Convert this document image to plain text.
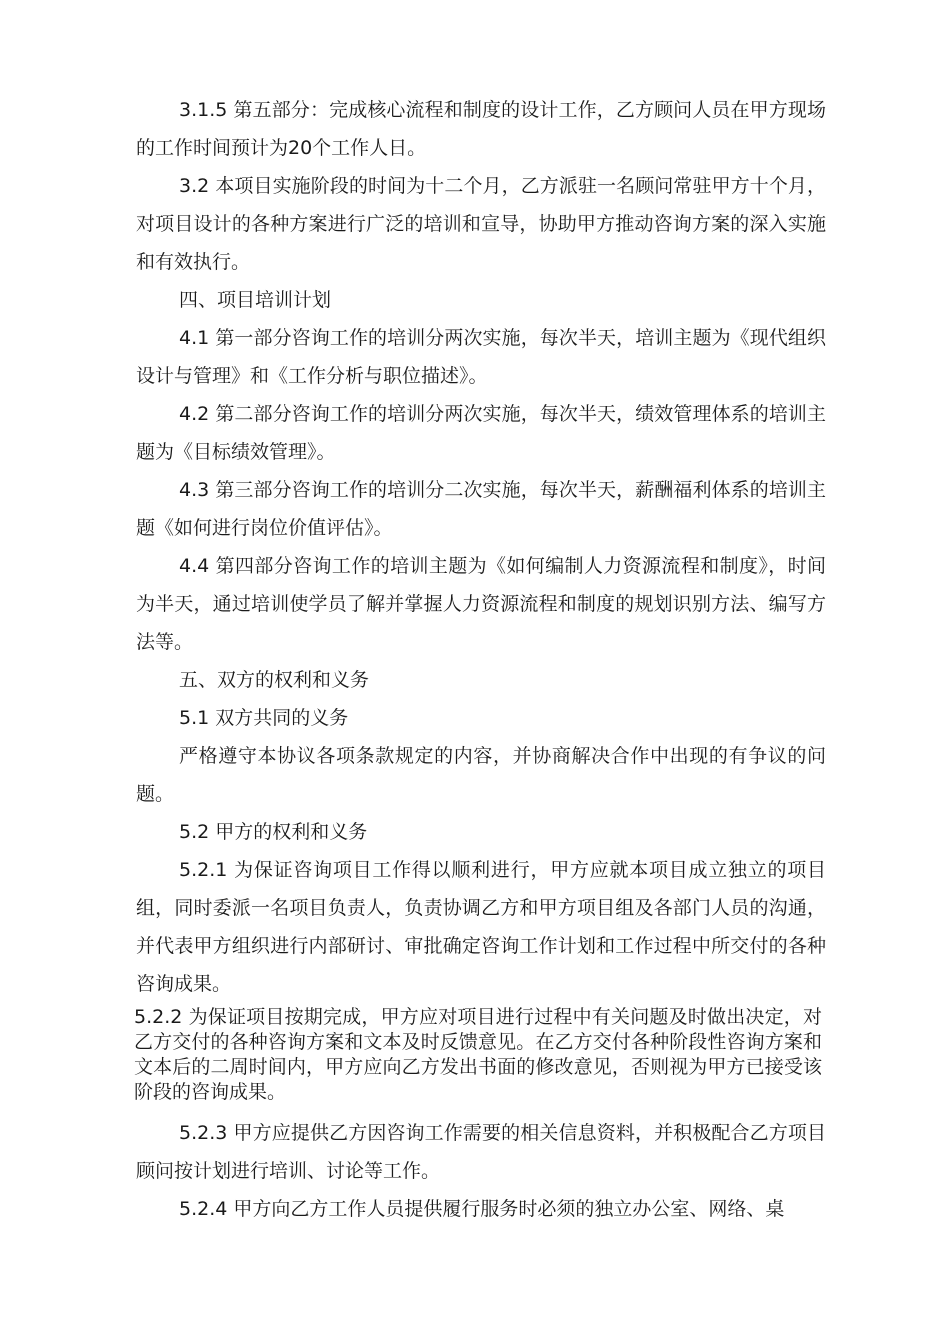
3.1.5 第五部分：完成核心流程和制度的设计工作，乙方顾问人员在甲方现场的工作时间预计为20个工作人日。

3.2 本项目实施阶段的时间为十二个月，乙方派驻一名顾问常驻甲方十个月，对项目设计的各种方案进行广泛的培训和宣导，协助甲方推动咨询方案的深入实施和有效执行。

四、项目培训计划

4.1 第一部分咨询工作的培训分两次实施，每次半天，培训主题为《现代组织设计与管理》和《工作分析与职位描述》。

4.2 第二部分咨询工作的培训分两次实施，每次半天，绩效管理体系的培训主题为《目标绩效管理》。

4.3 第三部分咨询工作的培训分二次实施，每次半天，薪酬福利体系的培训主题《如何进行岗位价值评估》。

4.4 第四部分咨询工作的培训主题为《如何编制人力资源流程和制度》，时间为半天，通过培训使学员了解并掌握人力资源流程和制度的规划识别方法、编写方法等。

五、双方的权利和义务

5.1 双方共同的义务

严格遵守本协议各项条款规定的内容，并协商解决合作中出现的有争议的问题。

5.2 甲方的权利和义务

5.2.1 为保证咨询项目工作得以顺利进行，甲方应就本项目成立独立的项目组，同时委派一名项目负责人，负责协调乙方和甲方项目组及各部门人员的沟通，并代表甲方组织进行内部研讨、审批确定咨询工作计划和工作过程中所交付的各种咨询成果。

5.2.2 为保证项目按期完成，甲方应对项目进行过程中有关问题及时做出决定，对乙方交付的各种咨询方案和文本及时反馈意见。在乙方交付各种阶段性咨询方案和文本后的二周时间内，甲方应向乙方发出书面的修改意见，否则视为甲方已接受该阶段的咨询成果。

5.2.3 甲方应提供乙方因咨询工作需要的相关信息资料，并积极配合乙方项目顾问按计划进行培训、讨论等工作。

5.2.4 甲方向乙方工作人员提供履行服务时必须的独立办公室、网络、桌
